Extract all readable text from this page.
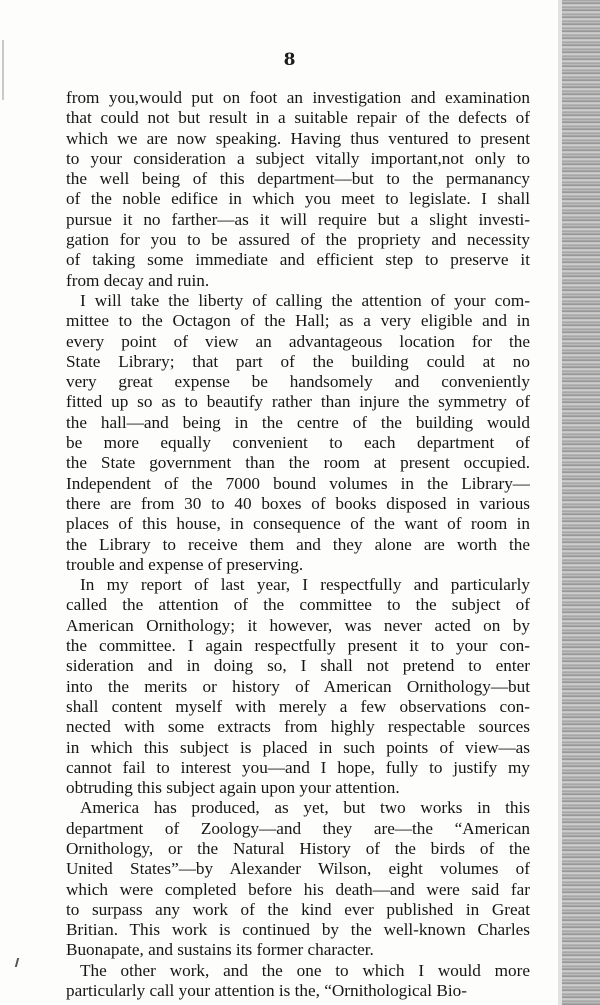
8
from you,would put on foot an investigation and examination
that could not but result in a suitable repair of the defects of
which we are now speaking. Having thus ventured to present
to your consideration a subject vitally important,not only to
the well being of this department—but to the permanancy
of the noble edifice in which you meet to legislate. I shall
pursue it no farther—as it will require but a slight investi-
gation for you to be assured of the propriety and necessity
of taking some immediate and efficient step to preserve it
from decay and ruin.
I will take the liberty of calling the attention of your com-
mittee to the Octagon of the Hall; as a very eligible and in
every point of view an advantageous location for the
State Library; that part of the building could at no
very great expense be handsomely and conveniently
fitted up so as to beautify rather than injure the symmetry of
the hall—and being in the centre of the building would
be more equally convenient to each department of
the State government than the room at present occupied.
Independent of the 7000 bound volumes in the Library—
there are from 30 to 40 boxes of books disposed in various
places of this house, in consequence of the want of room in
the Library to receive them and they alone are worth the
trouble and expense of preserving.
In my report of last year, I respectfully and particularly
called the attention of the committee to the subject of
American Ornithology; it however, was never acted on by
the committee. I again respectfully present it to your con-
sideration and in doing so, I shall not pretend to enter
into the merits or history of American Ornithology—but
shall content myself with merely a few observations con-
nected with some extracts from highly respectable sources
in which this subject is placed in such points of view—as
cannot fail to interest you—and I hope, fully to justify my
obtruding this subject again upon your attention.
America has produced, as yet, but two works in this
department of Zoology—and they are—the “American
Ornithology, or the Natural History of the birds of the
United States”—by Alexander Wilson, eight volumes of
which were completed before his death—and were said far
to surpass any work of the kind ever published in Great
Britian. This work is continued by the well-known Charles
Buonapate, and sustains its former character.
The other work, and the one to which I would more
particularly call your attention is the, “Ornithological Bio-
